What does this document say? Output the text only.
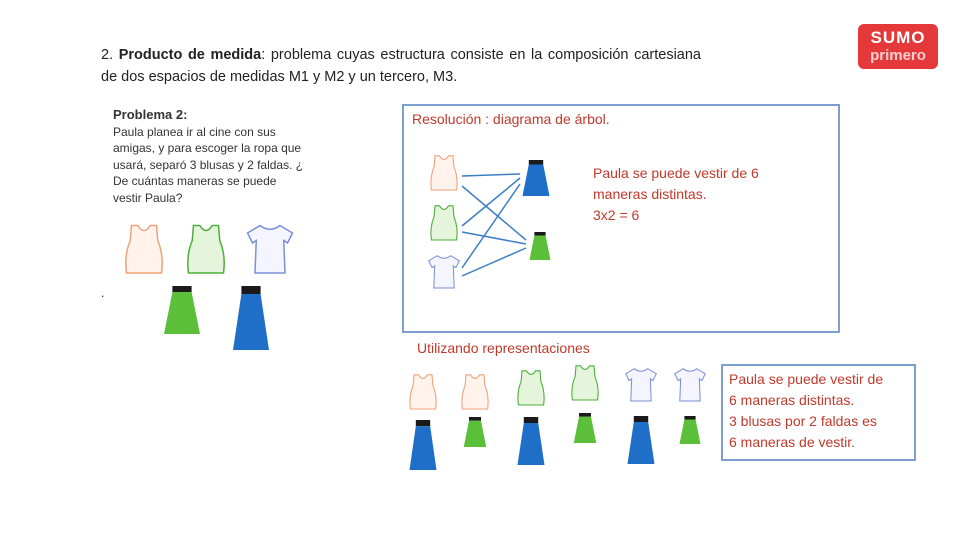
2. Producto de medida: problema cuyas estructura consiste en la composición cartesiana de dos espacios de medidas M1 y M2 y un tercero, M3.
SUMO
primero
Problema 2:
Paula planea ir al cine con sus amigas, y para escoger la ropa que usará, separó 3 blusas y 2 faldas. ¿ De cuántas maneras se puede vestir Paula?
.
Resolución : diagrama de árbol.
Paula se puede vestir de 6
maneras distintas.
3x2 = 6
Utilizando representaciones
Paula se puede vestir de
6 maneras distintas.
3 blusas por 2 faldas es
6 maneras de vestir.
